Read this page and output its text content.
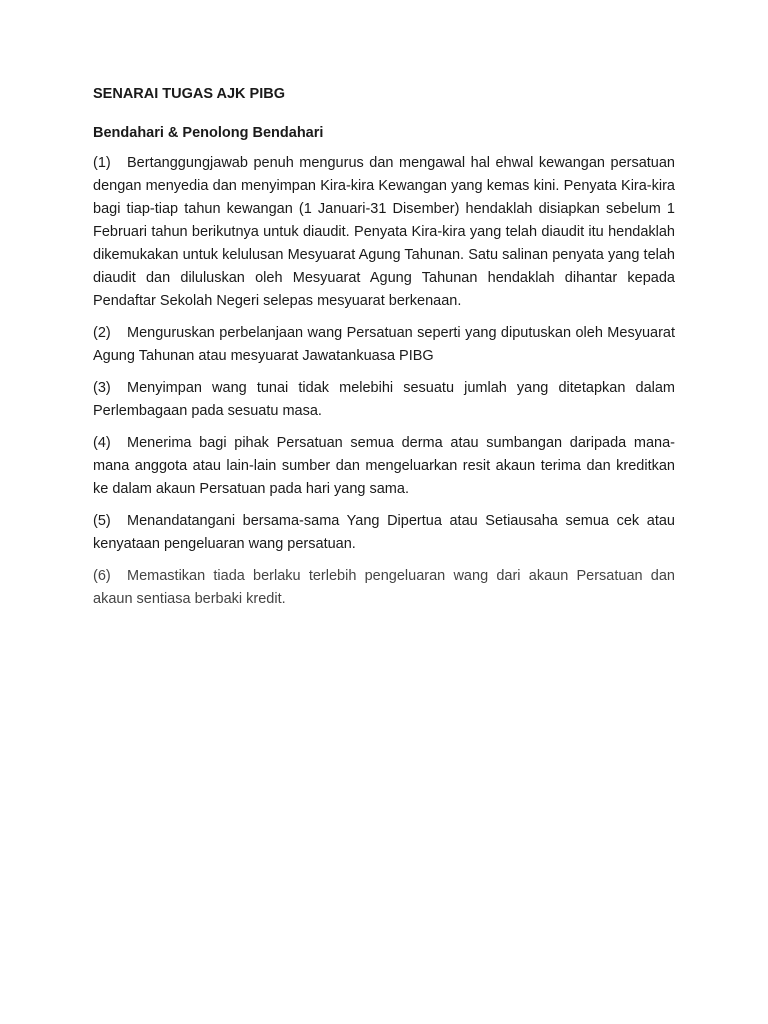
SENARAI TUGAS AJK PIBG
Bendahari & Penolong Bendahari

(1) Bertanggungjawab penuh mengurus dan mengawal hal ehwal kewangan persatuan dengan menyedia dan menyimpan Kira-kira Kewangan yang kemas kini. Penyata Kira-kira bagi tiap-tiap tahun kewangan (1 Januari-31 Disember) hendaklah disiapkan sebelum 1 Februari tahun berikutnya untuk diaudit. Penyata Kira-kira yang telah diaudit itu hendaklah dikemukakan untuk kelulusan Mesyuarat Agung Tahunan. Satu salinan penyata yang telah diaudit dan diluluskan oleh Mesyuarat Agung Tahunan hendaklah dihantar kepada Pendaftar Sekolah Negeri selepas mesyuarat berkenaan.

(2) Menguruskan perbelanjaan wang Persatuan seperti yang diputuskan oleh Mesyuarat Agung Tahunan atau mesyuarat Jawatankuasa PIBG

(3) Menyimpan wang tunai tidak melebihi sesuatu jumlah yang ditetapkan dalam Perlembagaan pada sesuatu masa.

(4) Menerima bagi pihak Persatuan semua derma atau sumbangan daripada mana-mana anggota atau lain-lain sumber dan mengeluarkan resit akaun terima dan kreditkan ke dalam akaun Persatuan pada hari yang sama.

(5) Menandatangani bersama-sama Yang Dipertua atau Setiausaha semua cek atau kenyataan pengeluaran wang persatuan.

(6) Memastikan tiada berlaku terlebih pengeluaran wang dari akaun Persatuan dan akaun sentiasa berbaki kredit.
